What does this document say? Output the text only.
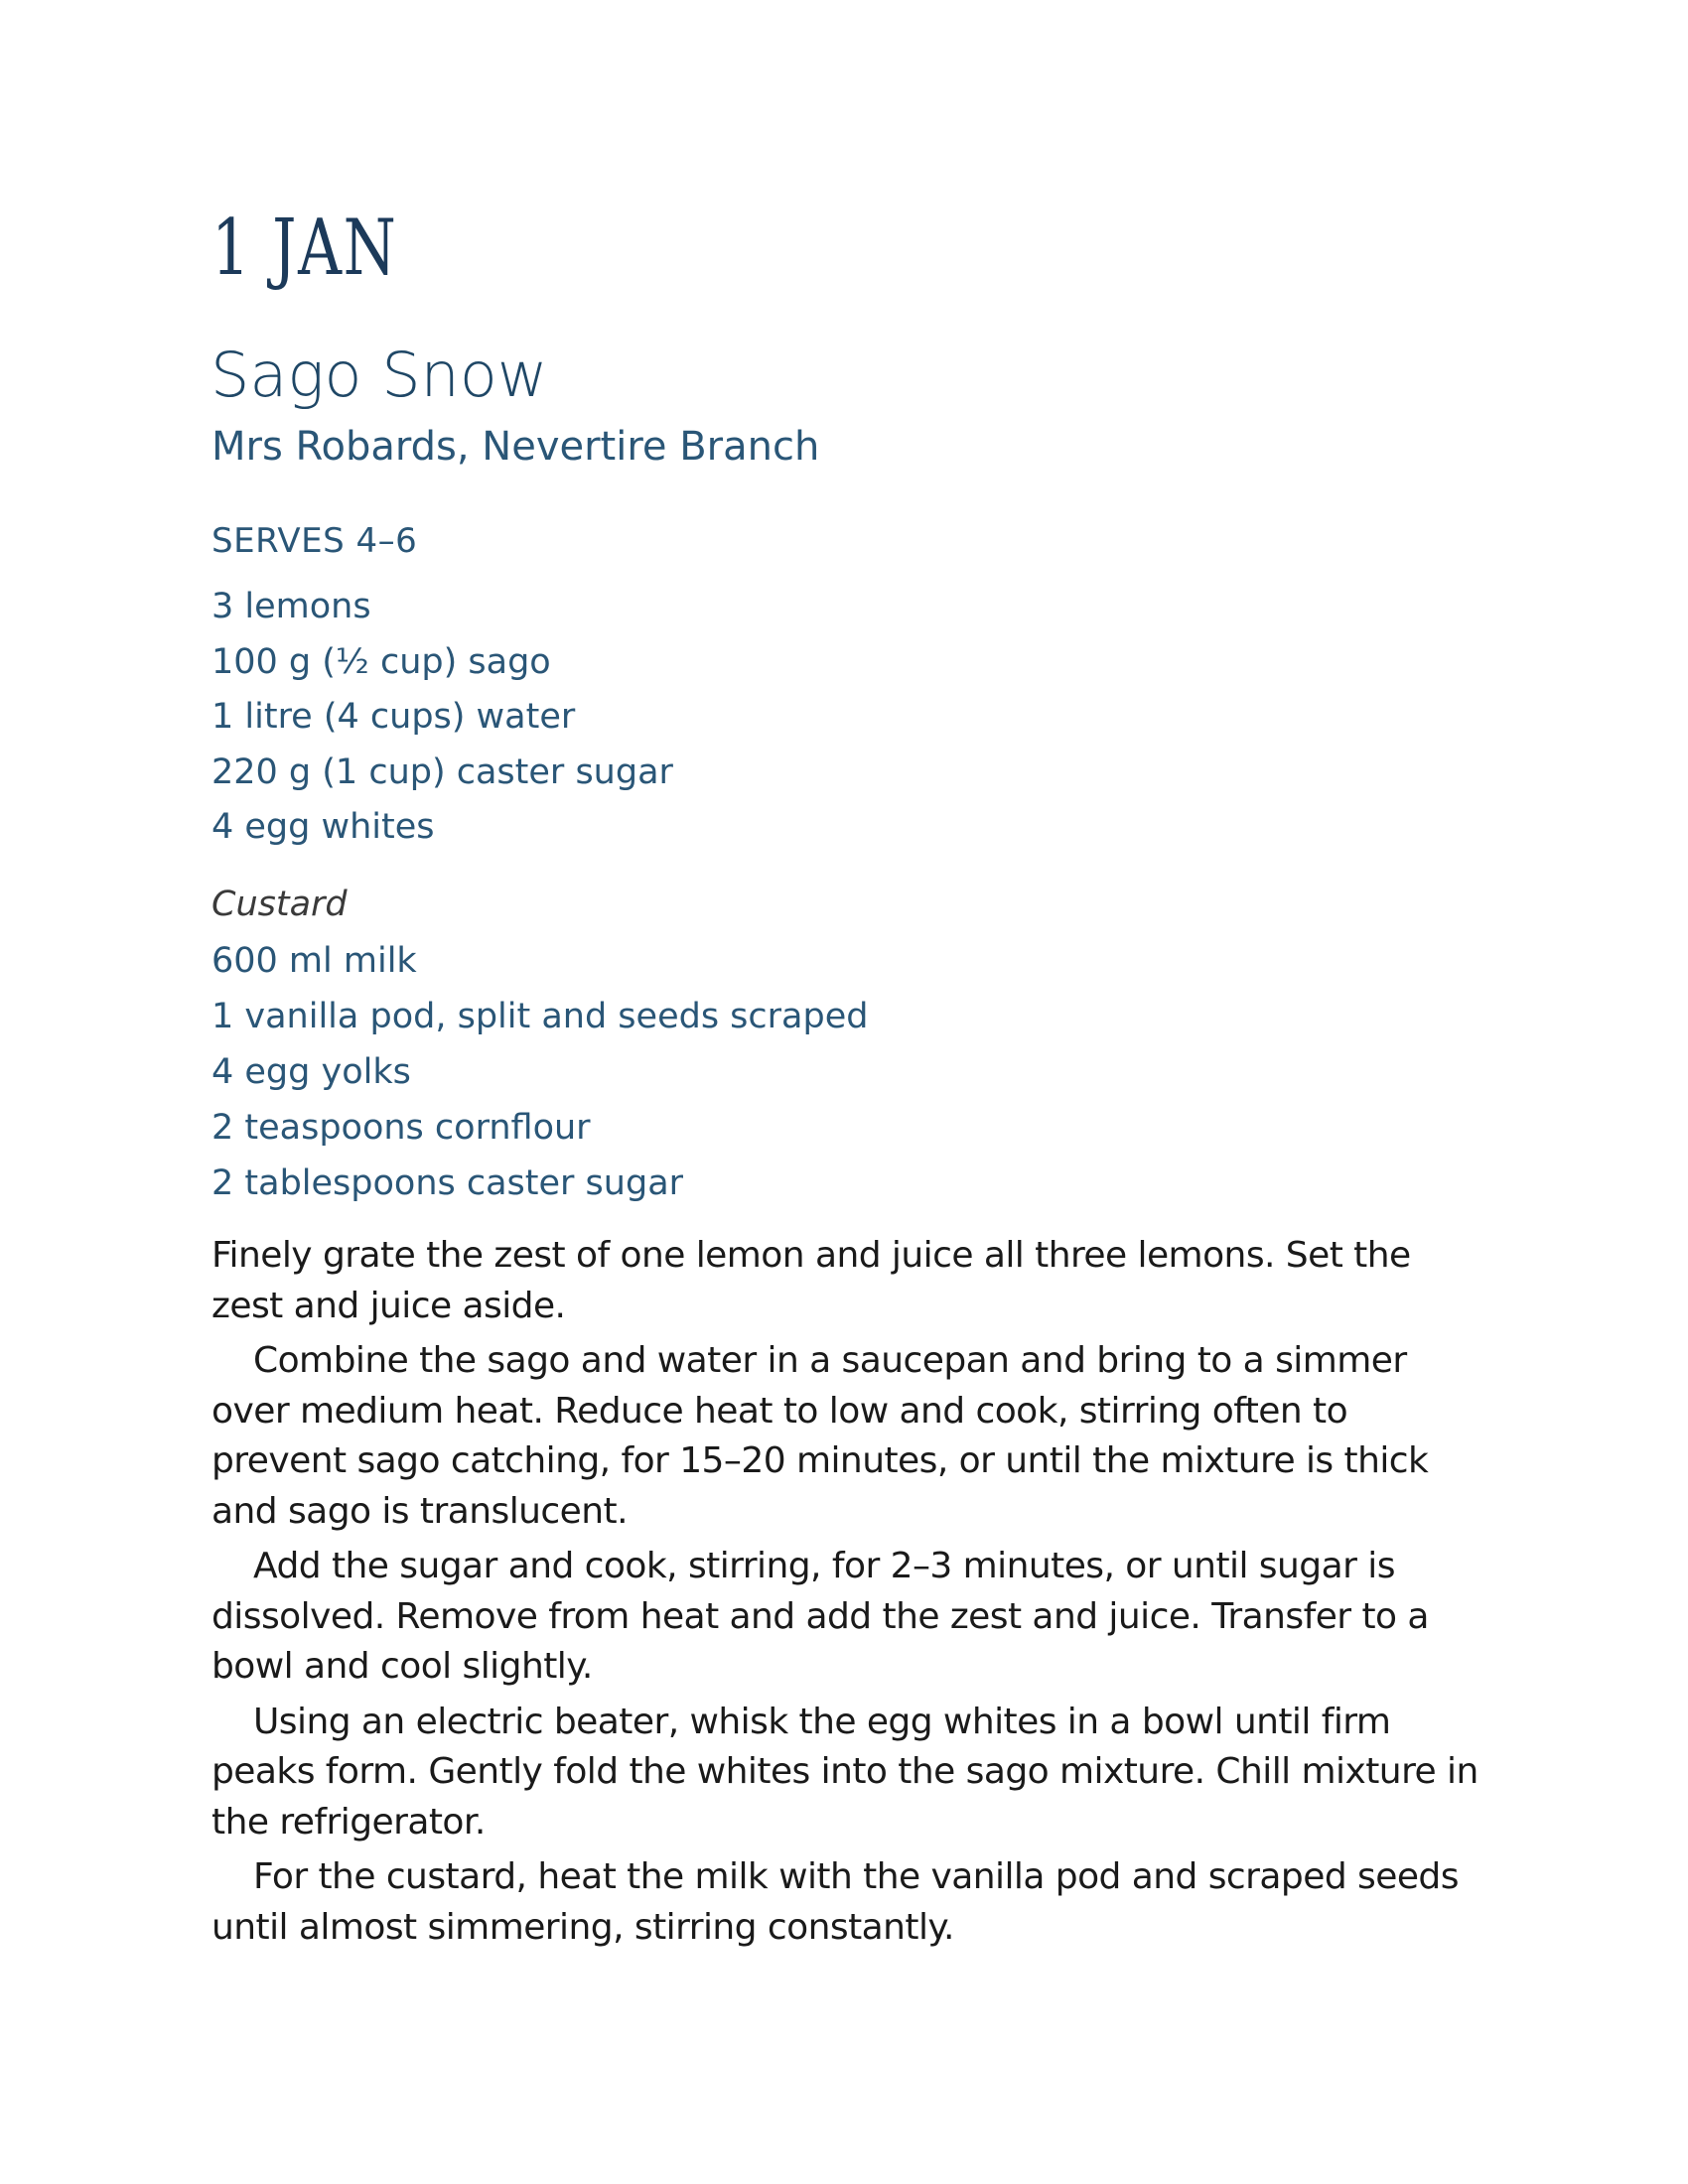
1 JAN
Sago Snow
Mrs Robards, Nevertire Branch
SERVES 4–6
3 lemons
100 g (½ cup) sago
1 litre (4 cups) water
220 g (1 cup) caster sugar
4 egg whites
Custard
600 ml milk
1 vanilla pod, split and seeds scraped
4 egg yolks
2 teaspoons cornflour
2 tablespoons caster sugar

Finely grate the zest of one lemon and juice all three lemons. Set the zest and juice aside.

Combine the sago and water in a saucepan and bring to a simmer over medium heat. Reduce heat to low and cook, stirring often to prevent sago catching, for 15–20 minutes, or until the mixture is thick and sago is translucent.

Add the sugar and cook, stirring, for 2–3 minutes, or until sugar is dissolved. Remove from heat and add the zest and juice. Transfer to a bowl and cool slightly.

Using an electric beater, whisk the egg whites in a bowl until firm peaks form. Gently fold the whites into the sago mixture. Chill mixture in the refrigerator.

For the custard, heat the milk with the vanilla pod and scraped seeds until almost simmering, stirring constantly.
